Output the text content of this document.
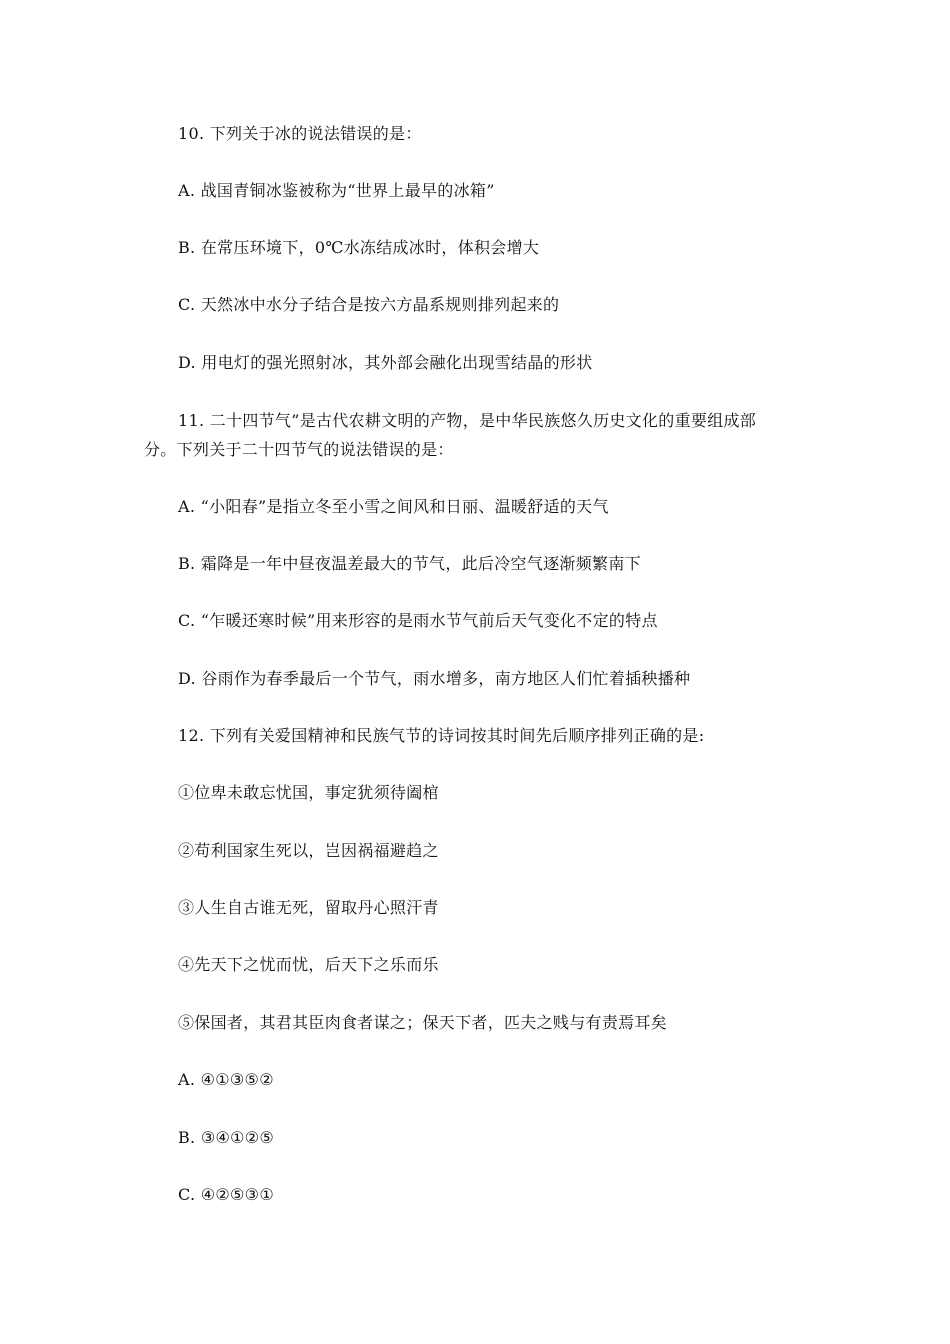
10. 下列关于冰的说法错误的是：
A. 战国青铜冰鉴被称为“世界上最早的冰箱”
B. 在常压环境下，0℃水冻结成冰时，体积会增大
C. 天然冰中水分子结合是按六方晶系规则排列起来的
D. 用电灯的强光照射冰，其外部会融化出现雪结晶的形状
11. 二十四节气”是古代农耕文明的产物，是中华民族悠久历史文化的重要组成部
分。下列关于二十四节气的说法错误的是：
A. “小阳春”是指立冬至小雪之间风和日丽、温暖舒适的天气
B. 霜降是一年中昼夜温差最大的节气，此后冷空气逐渐频繁南下
C. “乍暖还寒时候”用来形容的是雨水节气前后天气变化不定的特点
D. 谷雨作为春季最后一个节气，雨水增多，南方地区人们忙着插秧播种
12. 下列有关爱国精神和民族气节的诗词按其时间先后顺序排列正确的是:
①位卑未敢忘忧国，事定犹须待阖棺
②苟利国家生死以，岂因祸福避趋之
③人生自古谁无死，留取丹心照汗青
④先天下之忧而忧，后天下之乐而乐
⑤保国者，其君其臣肉食者谋之；保天下者，匹夫之贱与有责焉耳矣
A. ④①③⑤②
B. ③④①②⑤
C. ④②⑤③①
